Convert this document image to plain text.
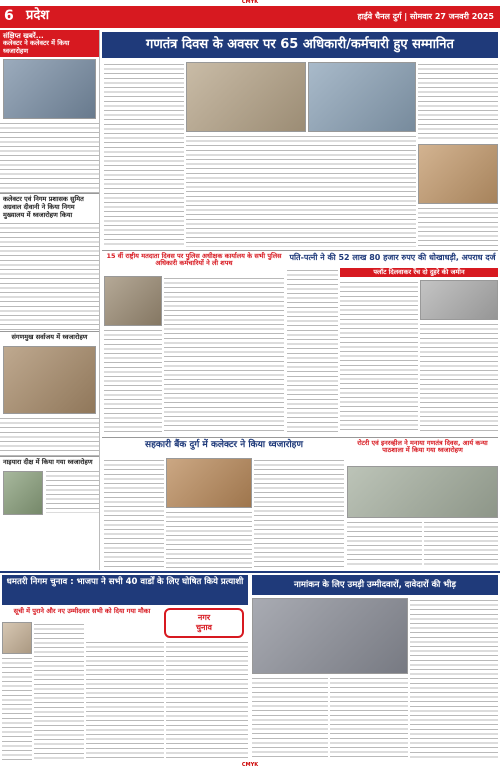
CMYK
6 प्रदेश	हाईवे चैनल दुर्ग | सोमवार 27 जनवरी 2025
संक्षिप्त खबरें...
कलेक्टर ने कलेक्टर में किया ध्वजारोहण
कलेक्टर एवं निगम प्रशासक सुमित अग्रवाल दीवानी ने किया निगम मुख्यालय में ध्वजारोहण किया
संगणमुख सर्वाजय में ध्वजारोहण
नाइयारा दीक्ष में किया गया ध्वजारोहण
गणतंत्र दिवस के अवसर पर 65 अधिकारी/कर्मचारी हुए सम्मानित
15 वीं राष्ट्रीय मतदाता दिवस पर पुलिस अधीक्षक कार्यालय के सभी पुलिस अधिकारी कर्मचारियों ने ली शपथ
पति-पत्नी ने की 52 लाख 80 हजार रुपए की धोखाधड़ी, अपराध दर्ज
फ्लॉट दिलवाकर रेंच दो दुहरे की जमीन
सहकारी बैंक दुर्ग में कलेक्टर ने किया ध्वजारोहण	रोटरी एवं इनरव्हील ने मनाया गणतंत्र दिवस, आर्य कन्या पाठशाला में किया गया ध्वजारोहण
धमतरी निगम चुनाव : भाजपा ने सभी 40 वार्डों के लिए घोषित किये प्रत्याशी
सूची में पुराने और नए उम्मीदवार सभी को दिया गया मौका
नगर
चुनाव
नामांकन के लिए उमड़ी उम्मीदवारों, दावेदारों की भीड़
CMYK
